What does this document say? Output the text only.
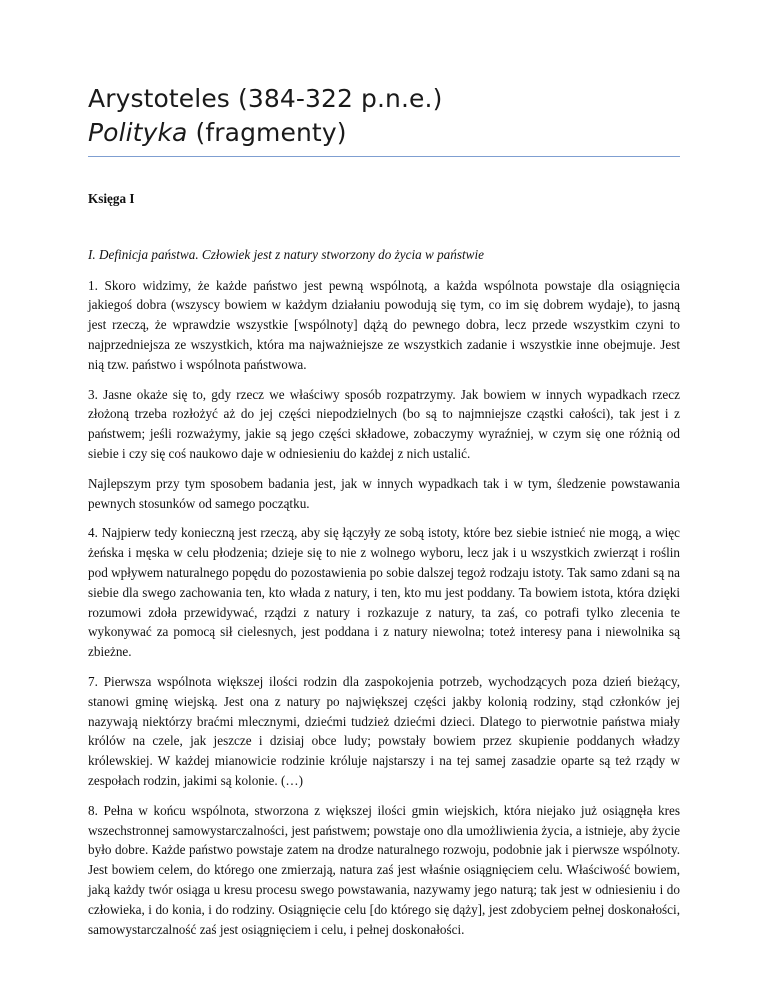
Arystoteles (384-322 p.n.e.)
Polityka (fragmenty)
Księga I
I. Definicja państwa. Człowiek jest z natury stworzony do życia w państwie

1. Skoro widzimy, że każde państwo jest pewną wspólnotą, a każda wspólnota powstaje dla osiągnięcia jakiegoś dobra (wszyscy bowiem w każdym działaniu powodują się tym, co im się dobrem wydaje), to jasną jest rzeczą, że wprawdzie wszystkie [wspólnoty] dążą do pewnego dobra, lecz przede wszystkim czyni to najprzedniejsza ze wszystkich, która ma najważniejsze ze wszystkich zadanie i wszystkie inne obejmuje. Jest nią tzw. państwo i wspólnota państwowa.

3. Jasne okaże się to, gdy rzecz we właściwy sposób rozpatrzymy. Jak bowiem w innych wypadkach rzecz złożoną trzeba rozłożyć aż do jej części niepodzielnych (bo są to najmniejsze cząstki całości), tak jest i z państwem; jeśli rozważymy, jakie są jego części składowe, zobaczymy wyraźniej, w czym się one różnią od siebie i czy się coś naukowo daje w odniesieniu do każdej z nich ustalić.

Najlepszym przy tym sposobem badania jest, jak w innych wypadkach tak i w tym, śledzenie powstawania pewnych stosunków od samego początku.

4. Najpierw tedy konieczną jest rzeczą, aby się łączyły ze sobą istoty, które bez siebie istnieć nie mogą, a więc żeńska i męska w celu płodzenia; dzieje się to nie z wolnego wyboru, lecz jak i u wszystkich zwierząt i roślin pod wpływem naturalnego popędu do pozostawienia po sobie dalszej tegoż rodzaju istoty. Tak samo zdani są na siebie dla swego zachowania ten, kto włada z natury, i ten, kto mu jest poddany. Ta bowiem istota, która dzięki rozumowi zdoła przewidywać, rządzi z natury i rozkazuje z natury, ta zaś, co potrafi tylko zlecenia te wykonywać za pomocą sił cielesnych, jest poddana i z natury niewolna; toteż interesy pana i niewolnika są zbieżne.

7. Pierwsza wspólnota większej ilości rodzin dla zaspokojenia potrzeb, wychodzących poza dzień bieżący, stanowi gminę wiejską. Jest ona z natury po największej części jakby kolonią rodziny, stąd członków jej nazywają niektórzy braćmi mlecznymi, dziećmi tudzież dziećmi dzieci. Dlatego to pierwotnie państwa miały królów na czele, jak jeszcze i dzisiaj obce ludy; powstały bowiem przez skupienie poddanych władzy królewskiej. W każdej mianowicie rodzinie króluje najstarszy i na tej samej zasadzie oparte są też rządy w zespołach rodzin, jakimi są kolonie. (…)

8. Pełna w końcu wspólnota, stworzona z większej ilości gmin wiejskich, która niejako już osiągnęła kres wszechstronnej samowystarczalności, jest państwem; powstaje ono dla umożliwienia życia, a istnieje, aby życie było dobre. Każde państwo powstaje zatem na drodze naturalnego rozwoju, podobnie jak i pierwsze wspólnoty. Jest bowiem celem, do którego one zmierzają, natura zaś jest właśnie osiągnięciem celu. Właściwość bowiem, jaką każdy twór osiąga u kresu procesu swego powstawania, nazywamy jego naturą; tak jest w odniesieniu i do człowieka, i do konia, i do rodziny. Osiągnięcie celu [do którego się dąży], jest zdobyciem pełnej doskonałości, samowystarczalność zaś jest osiągnięciem i celu, i pełnej doskonałości.
